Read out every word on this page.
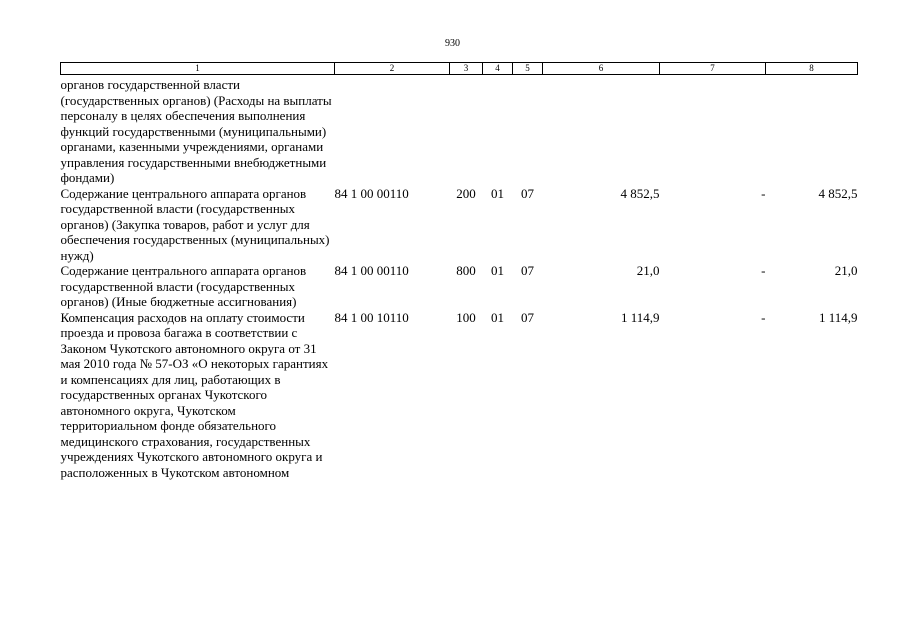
930
1	2	3	4	5	6	7	8
органов государственной власти (государственных органов) (Расходы на выплаты персоналу в целях обеспечения выполнения функций государственными (муниципальными) органами, казенными учреждениями, органами управления государственными внебюджетными фондами)							
Содержание центрального аппарата органов государственной власти (государственных органов) (Закупка товаров, работ и услуг для обеспечения государственных (муниципальных) нужд)	84 1 00 00110	200	01	07	4 852,5	-	4 852,5
Содержание центрального аппарата органов государственной власти (государственных органов) (Иные бюджетные ассигнования)	84 1 00 00110	800	01	07	21,0	-	21,0
Компенсация расходов на оплату стоимости проезда и провоза багажа в соответствии с Законом Чукотского автономного округа от 31 мая 2010 года № 57-ОЗ «О некоторых гарантиях и компенсациях для лиц, работающих в государственных органах Чукотского автономного округа, Чукотском территориальном фонде обязательного медицинского страхования, государственных учреждениях Чукотского автономного округа и расположенных в Чукотском автономном	84 1 00 10110	100	01	07	1 114,9	-	1 114,9
